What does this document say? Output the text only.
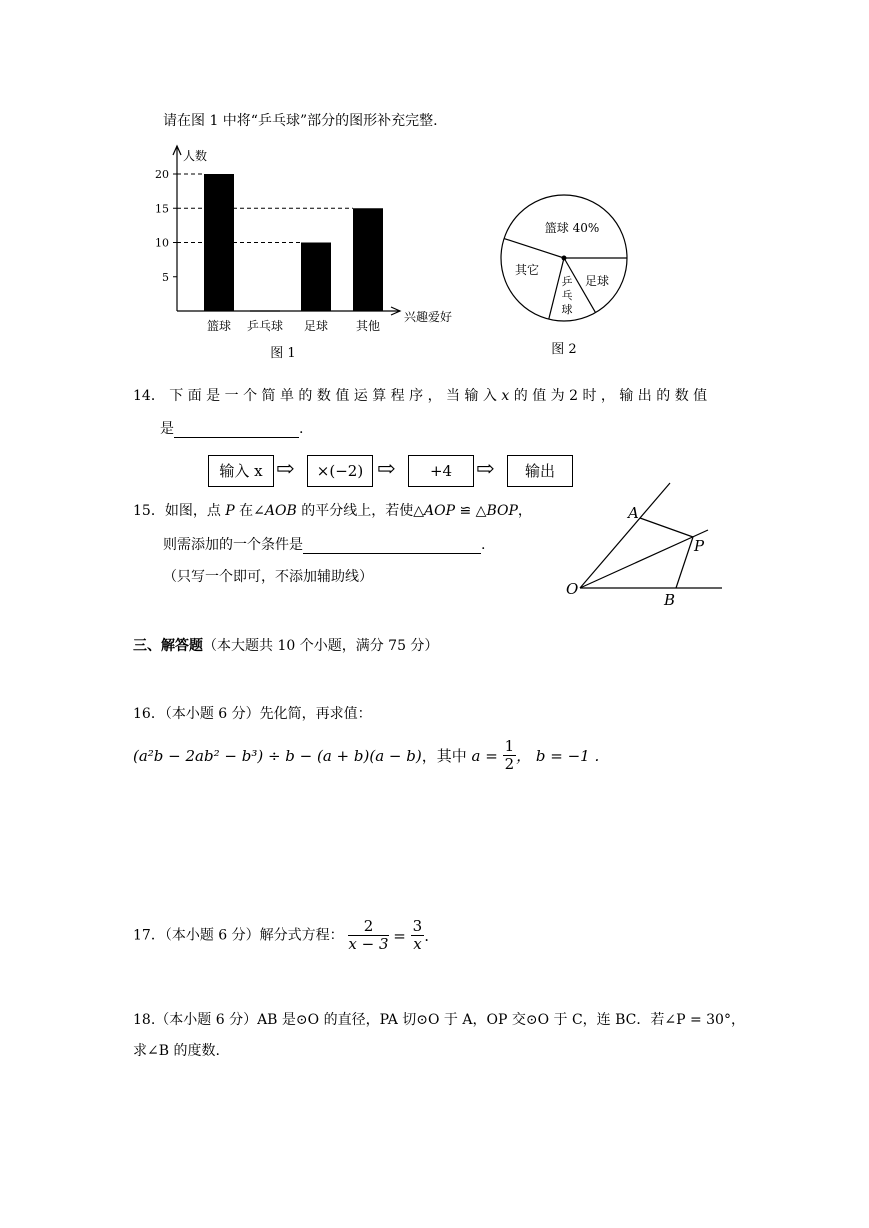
请在图 1 中将“乒乓球”部分的图形补充完整.
人数
兴趣爱好
5
10
15
20
篮球 乒乓球 足球 其他
图 1
篮球 40%
其它
乒乓球
足球
图 2
14． 下 面 是 一 个 简 单 的 数 值 运 算 程 序 ， 当 输 入 x 的 值 为 2 时 ， 输 出 的 数 值
是	.
输入 x ⇨	×(−2) ⇨	+4	⇨	输出
15．如图，点 P 在∠AOB 的平分线上，若使△AOP ≌ △BOP，
则需添加的一个条件是	.
（只写一个即可，不添加辅助线）
A
P
O
B
三、解答题（本大题共 10 个小题，满分 75 分）
16．（本小题 6 分）先化简，再求值：
(a²b − 2ab² − b³) ÷ b − (a + b)(a − b)，其中 $a = \frac{1}{2}$ ， b = −1 .
17．（本小题 6 分）解分式方程： $\frac{2}{x - 3} = \frac{3}{x}$ .
18.（本小题 6 分）AB 是⊙O 的直径，PA 切⊙O 于 A，OP 交⊙O 于 C，连 BC．若∠P = 30°，
求∠B 的度数.
